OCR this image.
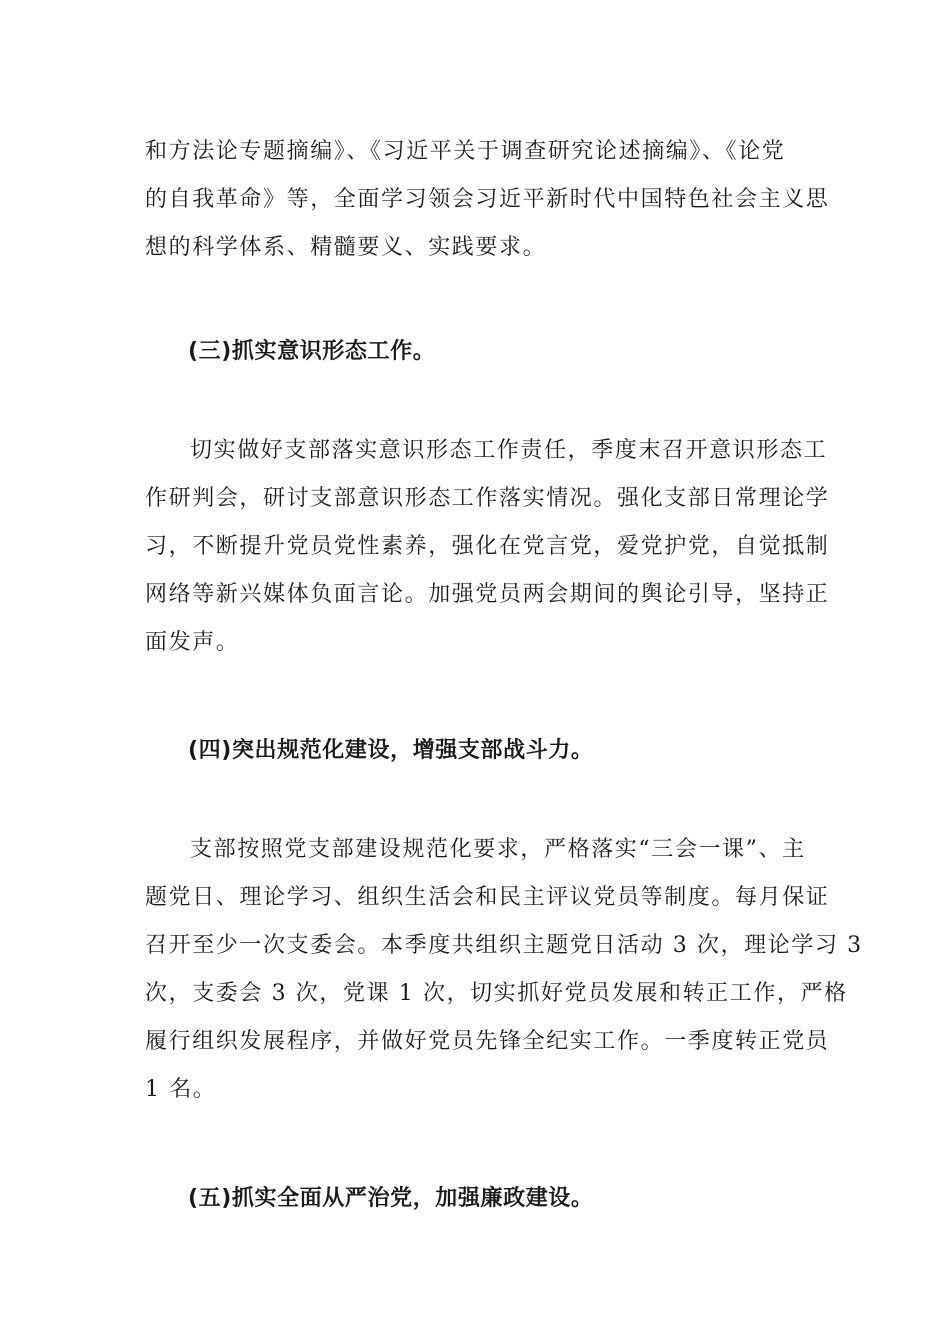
和方法论专题摘编》、《习近平关于调查研究论述摘编》、《论党
的自我革命》等，全面学习领会习近平新时代中国特色社会主义思
想的科学体系、精髓要义、实践要求。
(三)抓实意识形态工作。
切实做好支部落实意识形态工作责任，季度末召开意识形态工
作研判会，研讨支部意识形态工作落实情况。强化支部日常理论学
习，不断提升党员党性素养，强化在党言党，爱党护党，自觉抵制
网络等新兴媒体负面言论。加强党员两会期间的舆论引导，坚持正
面发声。
(四)突出规范化建设，增强支部战斗力。
支部按照党支部建设规范化要求，严格落实“三会一课”、主
题党日、理论学习、组织生活会和民主评议党员等制度。每月保证
召开至少一次支委会。本季度共组织主题党日活动 3 次，理论学习 3
次，支委会 3 次，党课 1 次，切实抓好党员发展和转正工作，严格
履行组织发展程序，并做好党员先锋全纪实工作。一季度转正党员
1 名。
(五)抓实全面从严治党，加强廉政建设。
